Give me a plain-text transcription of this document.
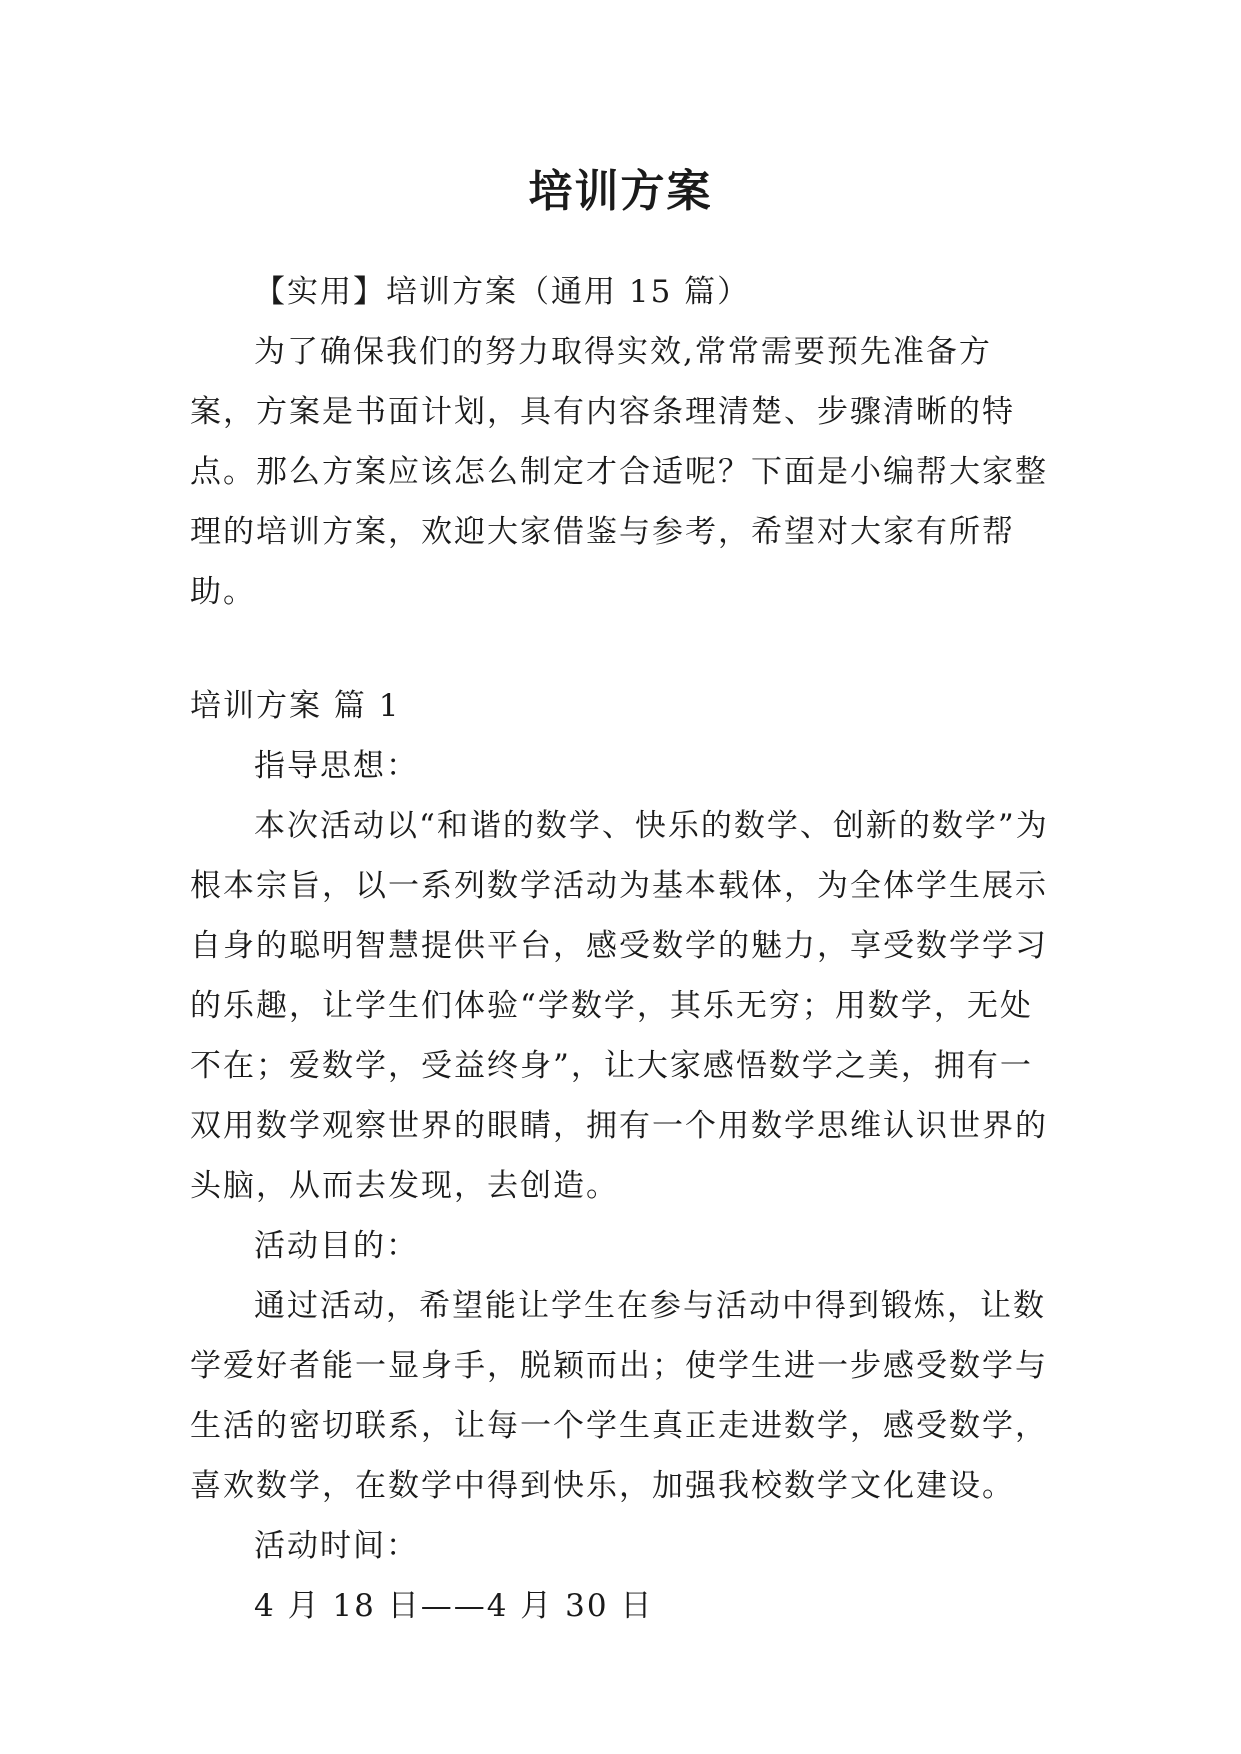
培训方案

【实用】培训方案（通用 15 篇）

为了确保我们的努力取得实效,常常需要预先准备方案，方案是书面计划，具有内容条理清楚、步骤清晰的特点。那么方案应该怎么制定才合适呢？下面是小编帮大家整理的培训方案，欢迎大家借鉴与参考，希望对大家有所帮助。

培训方案 篇 1

指导思想：

本次活动以“和谐的数学、快乐的数学、创新的数学”为根本宗旨，以一系列数学活动为基本载体，为全体学生展示自身的聪明智慧提供平台，感受数学的魅力，享受数学学习的乐趣，让学生们体验“学数学，其乐无穷；用数学，无处不在；爱数学，受益终身”，让大家感悟数学之美，拥有一双用数学观察世界的眼睛，拥有一个用数学思维认识世界的头脑，从而去发现，去创造。

活动目的：

通过活动，希望能让学生在参与活动中得到锻炼，让数学爱好者能一显身手，脱颖而出；使学生进一步感受数学与生活的密切联系，让每一个学生真正走进数学，感受数学，喜欢数学，在数学中得到快乐，加强我校数学文化建设。

活动时间：

4 月 18 日——4 月 30 日
